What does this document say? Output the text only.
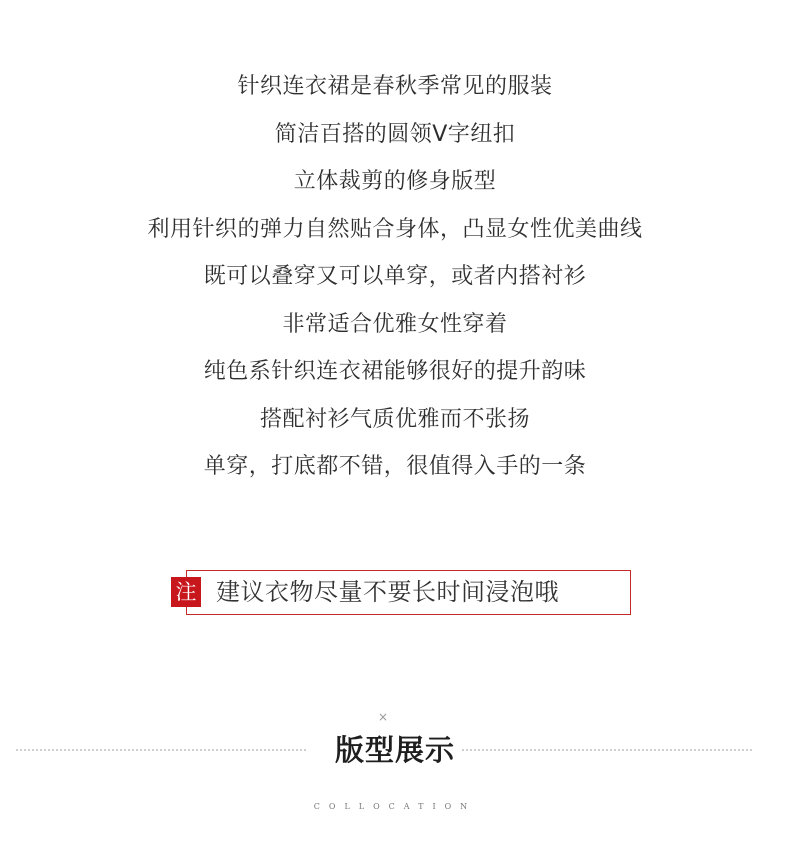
针织连衣裙是春秋季常见的服装
简洁百搭的圆领V字纽扣
立体裁剪的修身版型
利用针织的弹力自然贴合身体，凸显女性优美曲线
既可以叠穿又可以单穿，或者内搭衬衫
非常适合优雅女性穿着
纯色系针织连衣裙能够很好的提升韵味
搭配衬衫气质优雅而不张扬
单穿，打底都不错，很值得入手的一条
注 建议衣物尽量不要长时间浸泡哦
×
版型展示
COLLOCATION
